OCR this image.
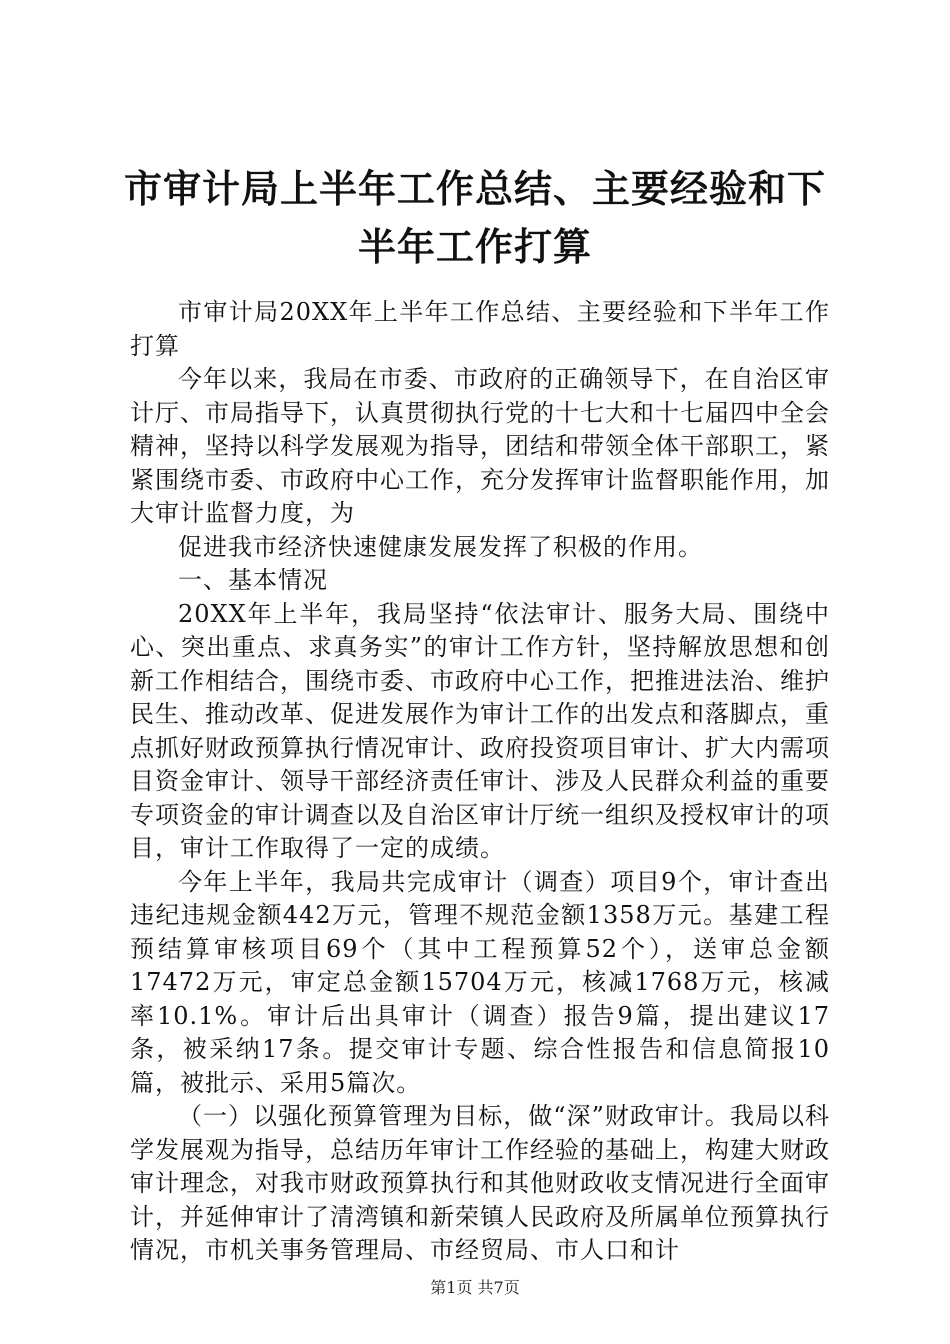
市审计局上半年工作总结、主要经验和下半年工作打算

市审计局20XX年上半年工作总结、主要经验和下半年工作打算

今年以来，我局在市委、市政府的正确领导下，在自治区审计厅、市局指导下，认真贯彻执行党的十七大和十七届四中全会精神，坚持以科学发展观为指导，团结和带领全体干部职工，紧紧围绕市委、市政府中心工作，充分发挥审计监督职能作用，加大审计监督力度，为

促进我市经济快速健康发展发挥了积极的作用。

一、基本情况

20XX年上半年，我局坚持“依法审计、服务大局、围绕中心、突出重点、求真务实”的审计工作方针，坚持解放思想和创新工作相结合，围绕市委、市政府中心工作，把推进法治、维护民生、推动改革、促进发展作为审计工作的出发点和落脚点，重点抓好财政预算执行情况审计、政府投资项目审计、扩大内需项目资金审计、领导干部经济责任审计、涉及人民群众利益的重要专项资金的审计调查以及自治区审计厅统一组织及授权审计的项目，审计工作取得了一定的成绩。

今年上半年，我局共完成审计（调查）项目9个，审计查出违纪违规金额442万元，管理不规范金额1358万元。基建工程预结算审核项目69个（其中工程预算52个），送审总金额17472万元，审定总金额15704万元，核减1768万元，核减率10.1%。审计后出具审计（调查）报告9篇，提出建议17条，被采纳17条。提交审计专题、综合性报告和信息简报10篇，被批示、采用5篇次。

（一）以强化预算管理为目标，做“深”财政审计。我局以科学发展观为指导，总结历年审计工作经验的基础上，构建大财政审计理念，对我市财政预算执行和其他财政收支情况进行全面审计，并延伸审计了清湾镇和新荣镇人民政府及所属单位预算执行情况，市机关事务管理局、市经贸局、市人口和计

第1页 共7页
